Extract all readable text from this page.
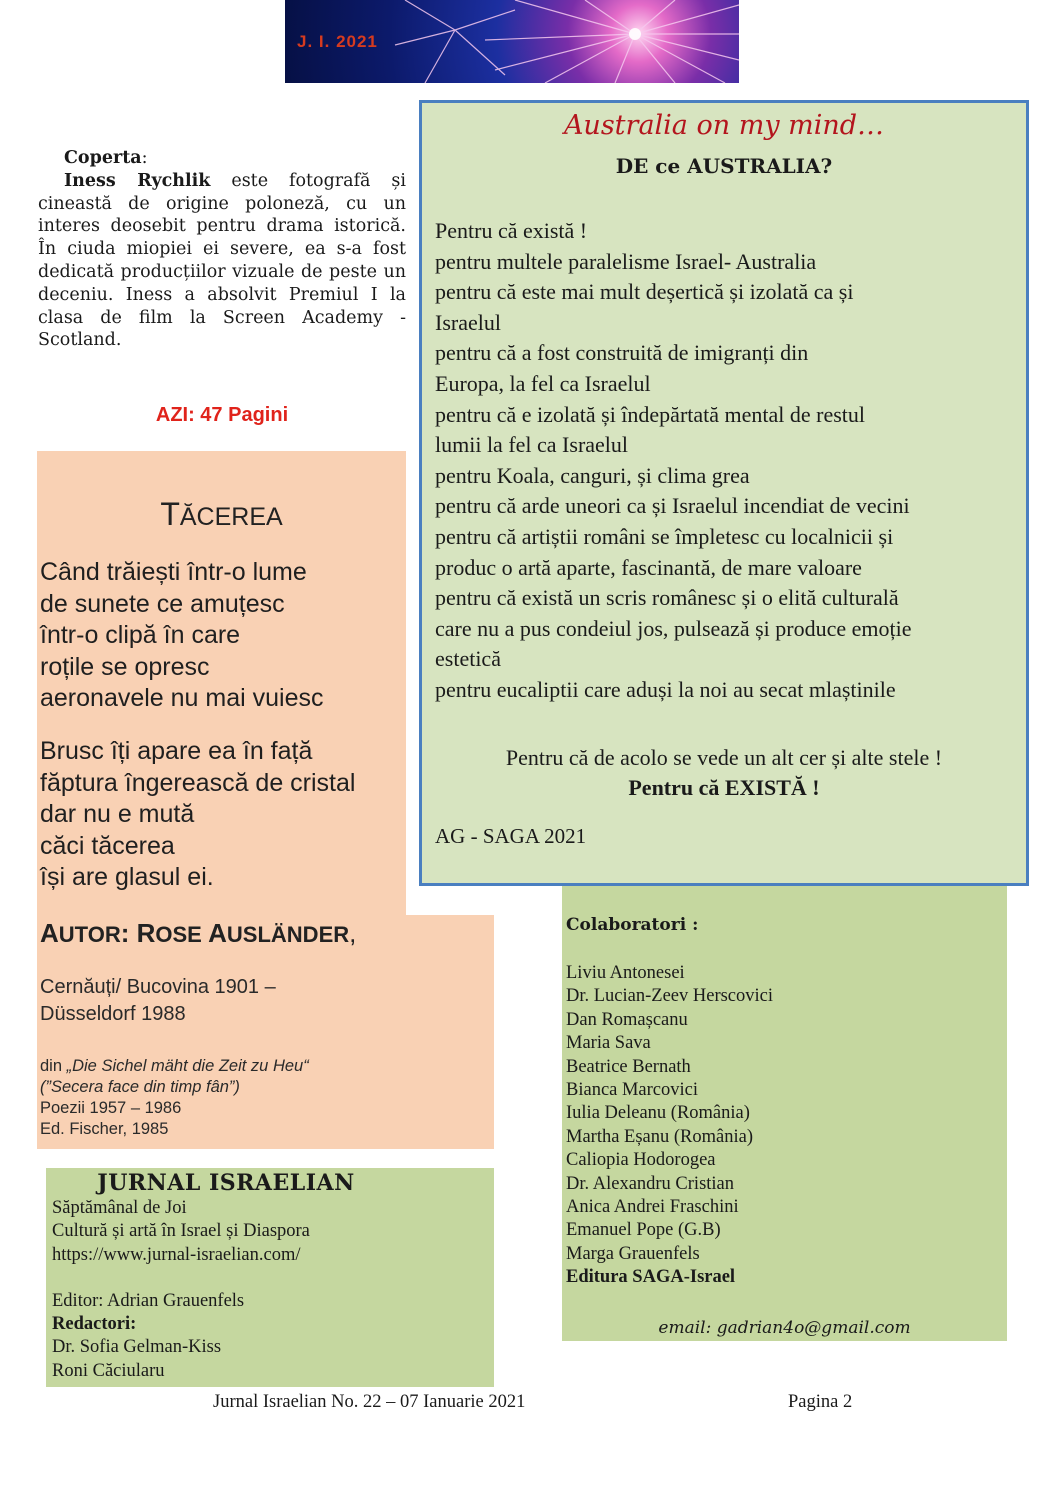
J. I. 2021
Coperta:
Iness Rychlik este fotografă și cineastă de origine poloneză, cu un interes deosebit pentru drama istorică. În ciuda miopiei ei severe, ea s-a fost dedicată producțiilor vizuale de peste un deceniu. Iness a absolvit Premiul I la clasa de film la Screen Academy - Scotland.
AZI: 47 Pagini
TĂCEREA
Când trăiești într-o lume
de sunete ce amuțesc
într-o clipă în care
roțile se opresc
aeronavele nu mai vuiesc
Brusc îți apare ea în față
făptura îngerească de cristal
dar nu e mută
căci tăcerea
își are glasul ei.
AUTOR: ROSE AUSLÄNDER,
Cernăuți/ Bucovina 1901 –
Düsseldorf 1988
din „Die Sichel mäht die Zeit zu Heu“
(”Secera face din timp fân”)
Poezii 1957 – 1986
Ed. Fischer, 1985
Australia on my mind…
DE ce AUSTRALIA?
Pentru că există !
pentru multele paralelisme Israel- Australia
pentru că este mai mult deșertică și izolată ca și
Israelul
pentru că a fost construită de imigranți din
Europa, la fel ca Israelul
pentru că e izolată și îndepărtată mental de restul
lumii la fel ca Israelul
pentru Koala, canguri, și clima grea
pentru că arde uneori ca și Israelul incendiat de vecini
pentru că artiștii români se împletesc cu localnicii și
produc o artă aparte, fascinantă, de mare valoare
pentru că există un scris românesc și o elită culturală
care nu a pus condeiul jos, pulsează și produce emoție
estetică
pentru eucaliptii care aduși la noi au secat mlaștinile
Pentru că de acolo se vede un alt cer și alte stele !
Pentru că EXISTĂ !
AG - SAGA 2021
Colaboratori :
Liviu Antonesei
Dr. Lucian-Zeev Herscovici
Dan Romașcanu
Maria Sava
Beatrice Bernath
Bianca Marcovici
Iulia Deleanu (România)
Martha Eșanu (România)
Caliopia Hodorogea
Dr. Alexandru Cristian
Anica Andrei Fraschini
Emanuel Pope (G.B)
Marga Grauenfels
Editura SAGA-Israel
email: gadrian4o@gmail.com
JURNAL ISRAELIAN
Săptămânal de Joi
Cultură și artă în Israel și Diaspora
https://www.jurnal-israelian.com/
Editor: Adrian Grauenfels
Redactori:
Dr. Sofia Gelman-Kiss
Roni Căciularu
Jurnal Israelian No. 22 – 07 Ianuarie 2021	Pagina 2
